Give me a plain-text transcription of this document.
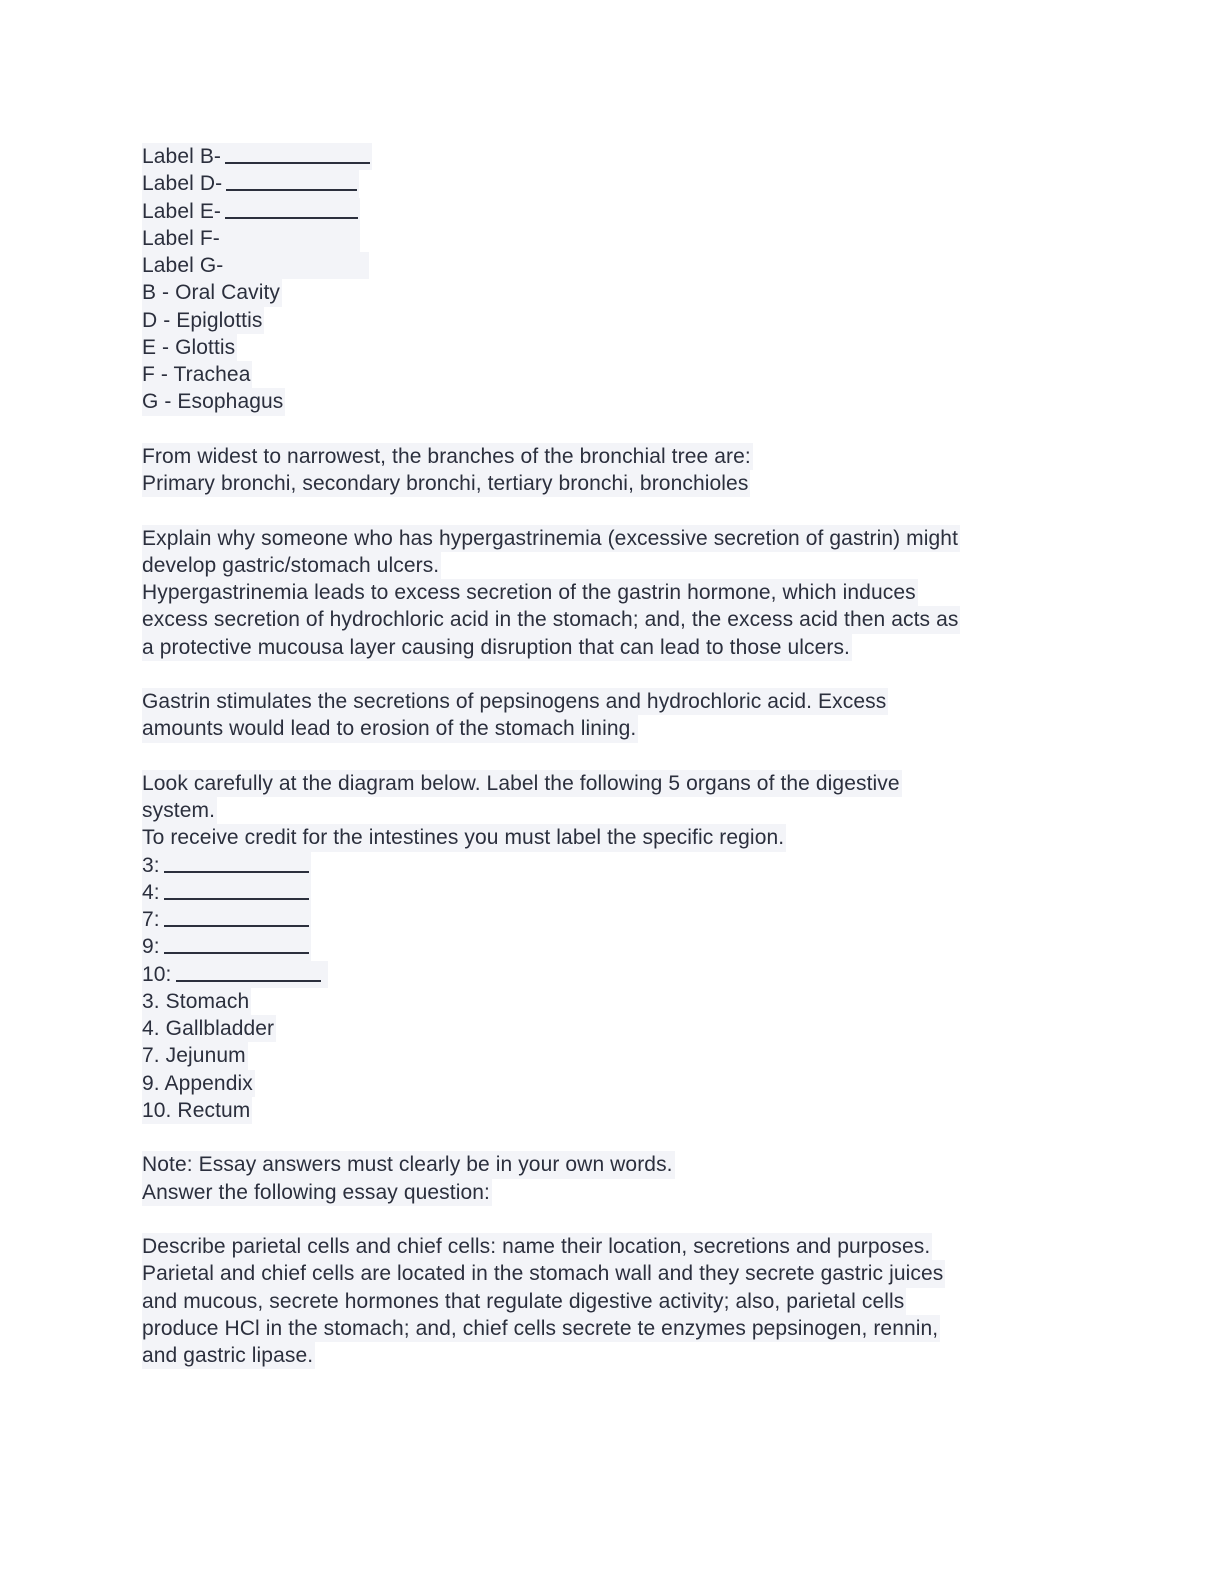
Label B-
Label D-
Label E-
Label F-
Label G-
B - Oral Cavity
D - Epiglottis
E - Glottis
F - Trachea
G - Esophagus
From widest to narrowest, the branches of the bronchial tree are:
Primary bronchi, secondary bronchi, tertiary bronchi, bronchioles
Explain why someone who has hypergastrinemia (excessive secretion of gastrin) might
develop gastric/stomach ulcers.
Hypergastrinemia leads to excess secretion of the gastrin hormone, which induces
excess secretion of hydrochloric acid in the stomach; and, the excess acid then acts as
a protective mucousa layer causing disruption that can lead to those ulcers.
Gastrin stimulates the secretions of pepsinogens and hydrochloric acid. Excess
amounts would lead to erosion of the stomach lining.
Look carefully at the diagram below. Label the following 5 organs of the digestive
system.
To receive credit for the intestines you must label the specific region.
3:
4:
7:
9:
10:
3. Stomach
4. Gallbladder
7. Jejunum
9. Appendix
10. Rectum
Note: Essay answers must clearly be in your own words.
Answer the following essay question:
Describe parietal cells and chief cells: name their location, secretions and purposes.
Parietal and chief cells are located in the stomach wall and they secrete gastric juices
and mucous, secrete hormones that regulate digestive activity; also, parietal cells
produce HCl in the stomach; and, chief cells secrete te enzymes pepsinogen, rennin,
and gastric lipase.
